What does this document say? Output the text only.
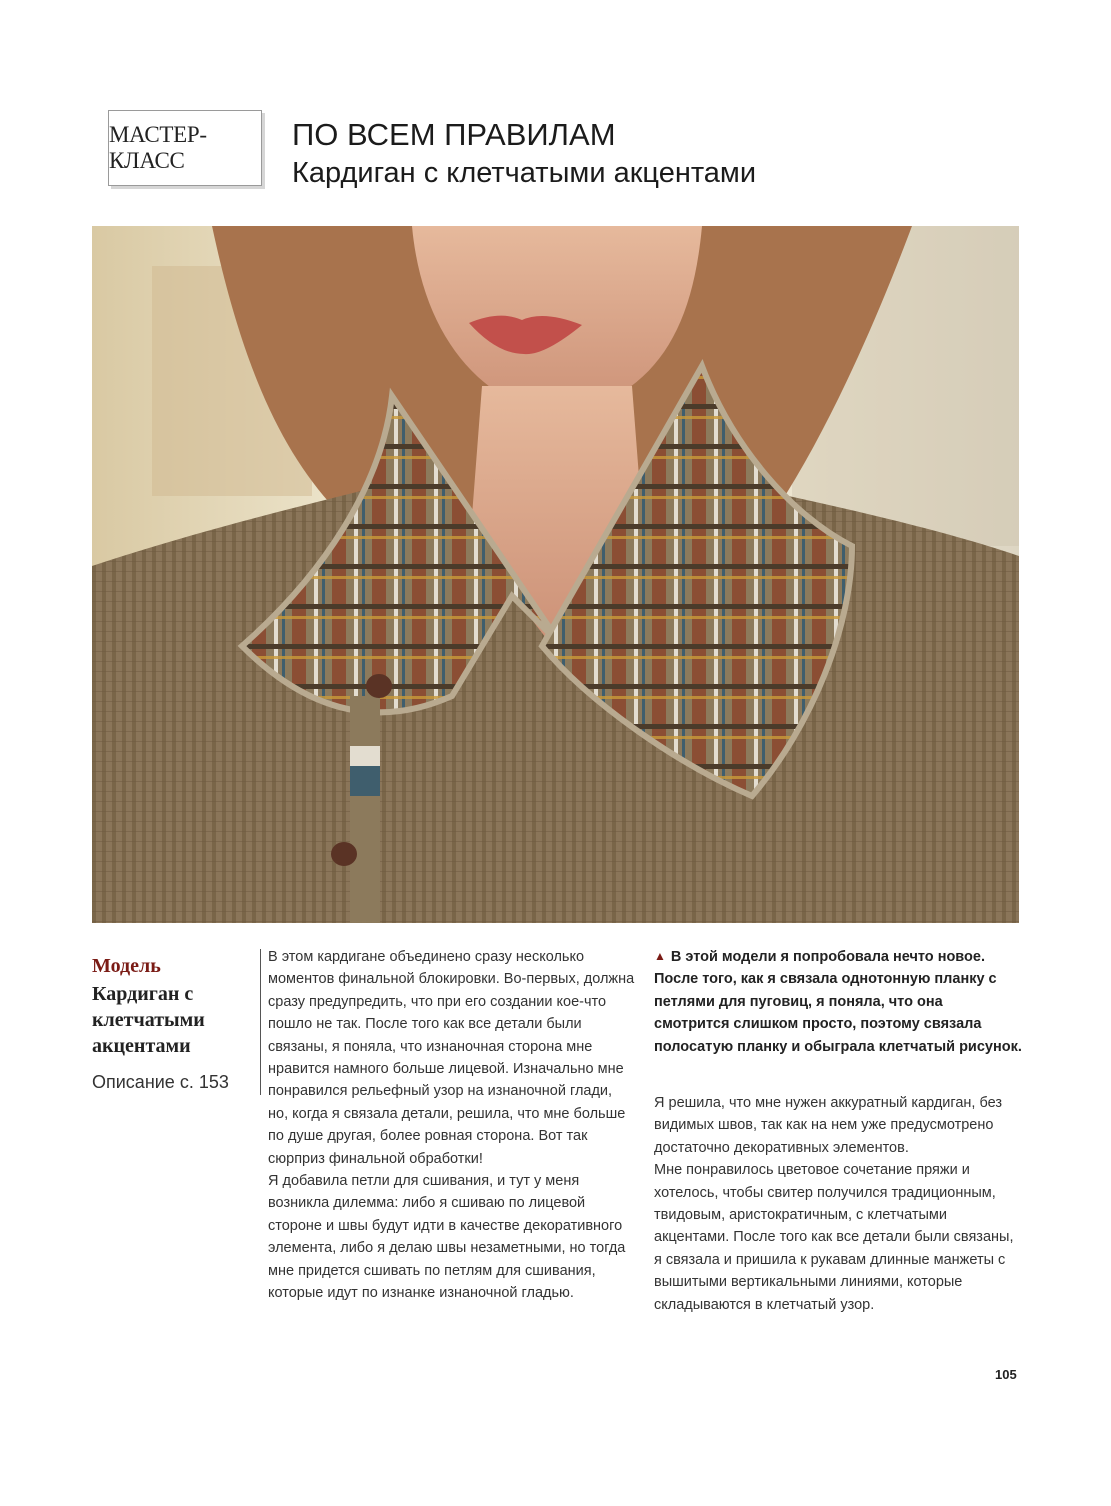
МАСТЕР-КЛАСС
ПО ВСЕМ ПРАВИЛАМ
Кардиган с клетчатыми акцентами
Модель
Кардиган с клетчатыми акцентами
Описание с. 153

В этом кардигане объединено сразу несколько моментов финальной блокировки. Во-первых, должна сразу предупредить, что при его создании кое-что пошло не так. После того как все детали были связаны, я поняла, что изнаночная сторона мне нравится намного больше лицевой. Изначально мне понравился рельефный узор на изнаночной глади, но, когда я связала детали, решила, что мне больше по душе другая, более ровная сторона. Вот так сюрприз финальной обработки!

Я добавила петли для сшивания, и тут у меня возникла дилемма: либо я сшиваю по лицевой стороне и швы будут идти в качестве декоративного элемента, либо я делаю швы незаметными, но тогда мне придется сшивать по петлям для сшивания, которые идут по изнанке изнаночной гладью.

▲ В этой модели я попробовала нечто новое. После того, как я связала однотонную планку с петлями для пуговиц, я поняла, что она смотрится слишком просто, поэтому связала полосатую планку и обыграла клетчатый рисунок.

Я решила, что мне нужен аккуратный кардиган, без видимых швов, так как на нем уже предусмотрено достаточно декоративных элементов.

Мне понравилось цветовое сочетание пряжи и хотелось, чтобы свитер получился традиционным, твидовым, аристократичным, с клетчатыми акцентами. После того как все детали были связаны, я связала и пришила к рукавам длинные манжеты с вышитыми вертикальными линиями, которые складываются в клетчатый узор.

105
